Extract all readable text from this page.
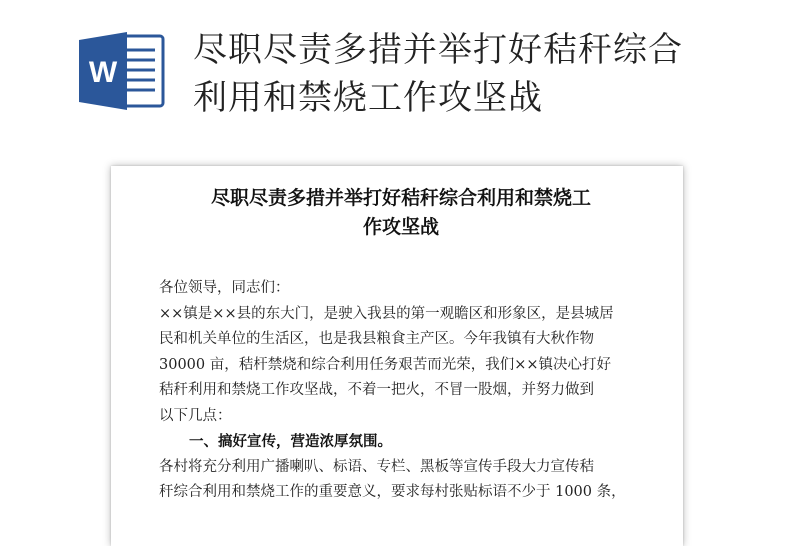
W
尽职尽责多措并举打好秸秆综合
利用和禁烧工作攻坚战
尽职尽责多措并举打好秸秆综合利用和禁烧工
作攻坚战

各位领导，同志们：

××镇是××县的东大门，是驶入我县的第一观瞻区和形象区，是县城居
民和机关单位的生活区，也是我县粮食主产区。今年我镇有大秋作物
30000 亩，秸杆禁烧和综合利用任务艰苦而光荣，我们××镇决心打好
秸秆利用和禁烧工作攻坚战，不着一把火，不冒一股烟，并努力做到
以下几点：
一、搞好宣传，营造浓厚氛围。
各村将充分利用广播喇叭、标语、专栏、黑板等宣传手段大力宣传秸
秆综合利用和禁烧工作的重要意义，要求每村张贴标语不少于 1000 条，
